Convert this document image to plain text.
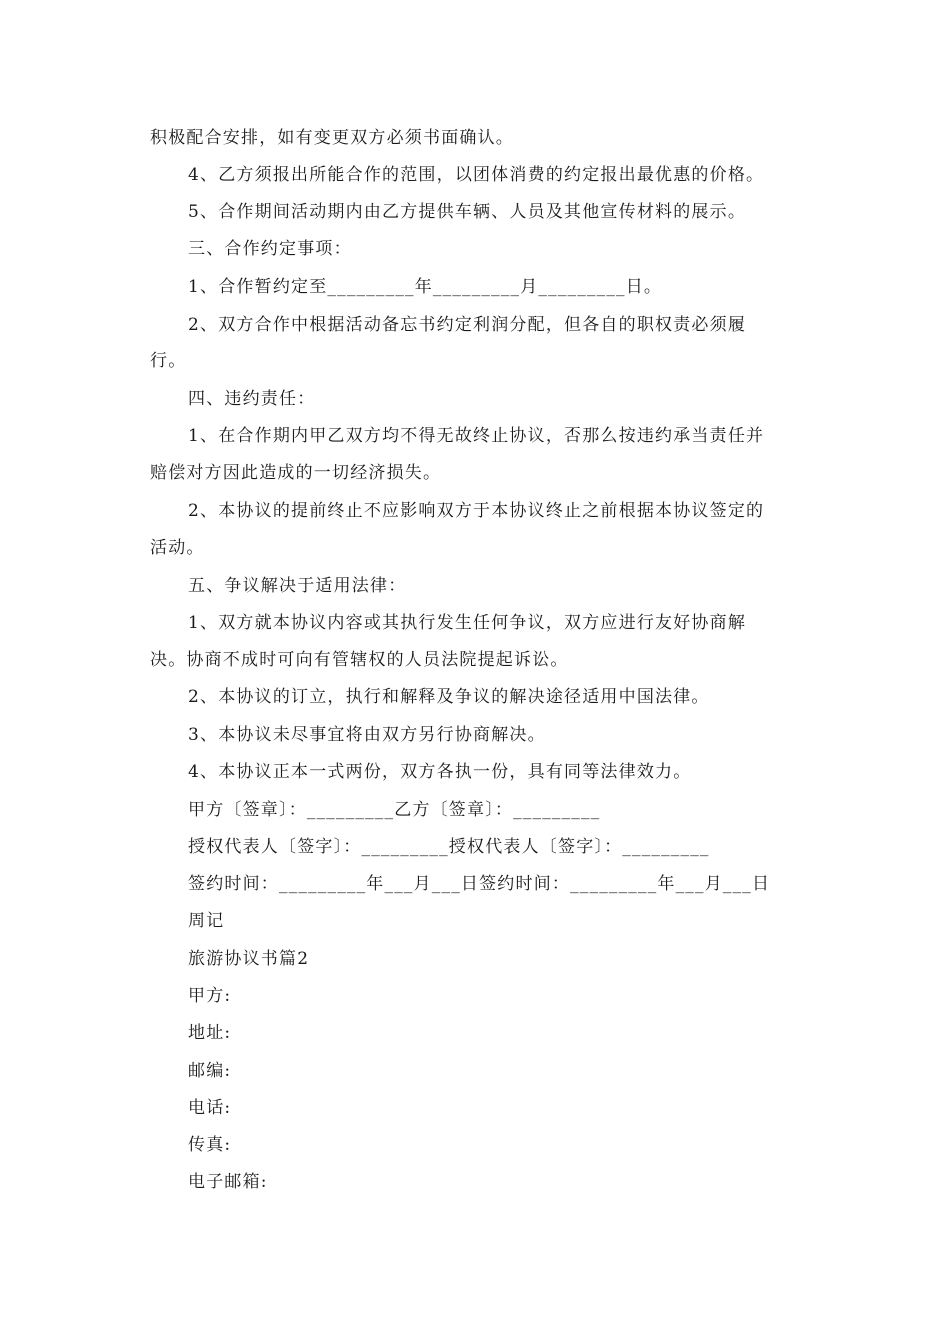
积极配合安排，如有变更双方必须书面确认。
4、乙方须报出所能合作的范围，以团体消费的约定报出最优惠的价格。
5、合作期间活动期内由乙方提供车辆、人员及其他宣传材料的展示。
三、合作约定事项：
1、合作暂约定至_________年_________月_________日。
2、双方合作中根据活动备忘书约定利润分配，但各自的职权责必须履
行。
四、违约责任：
1、在合作期内甲乙双方均不得无故终止协议，否那么按违约承当责任并
赔偿对方因此造成的一切经济损失。
2、本协议的提前终止不应影响双方于本协议终止之前根据本协议签定的
活动。
五、争议解决于适用法律：
1、双方就本协议内容或其执行发生任何争议，双方应进行友好协商解
决。协商不成时可向有管辖权的人员法院提起诉讼。
2、本协议的订立，执行和解释及争议的解决途径适用中国法律。
3、本协议未尽事宜将由双方另行协商解决。
4、本协议正本一式两份，双方各执一份，具有同等法律效力。
甲方〔签章〕：_________乙方〔签章〕：_________
授权代表人〔签字〕：_________授权代表人〔签字〕：_________
签约时间：_________年___月___日签约时间：_________年___月___日
周记
旅游协议书篇2
甲方:
地址:
邮编:
电话:
传真:
电子邮箱:
